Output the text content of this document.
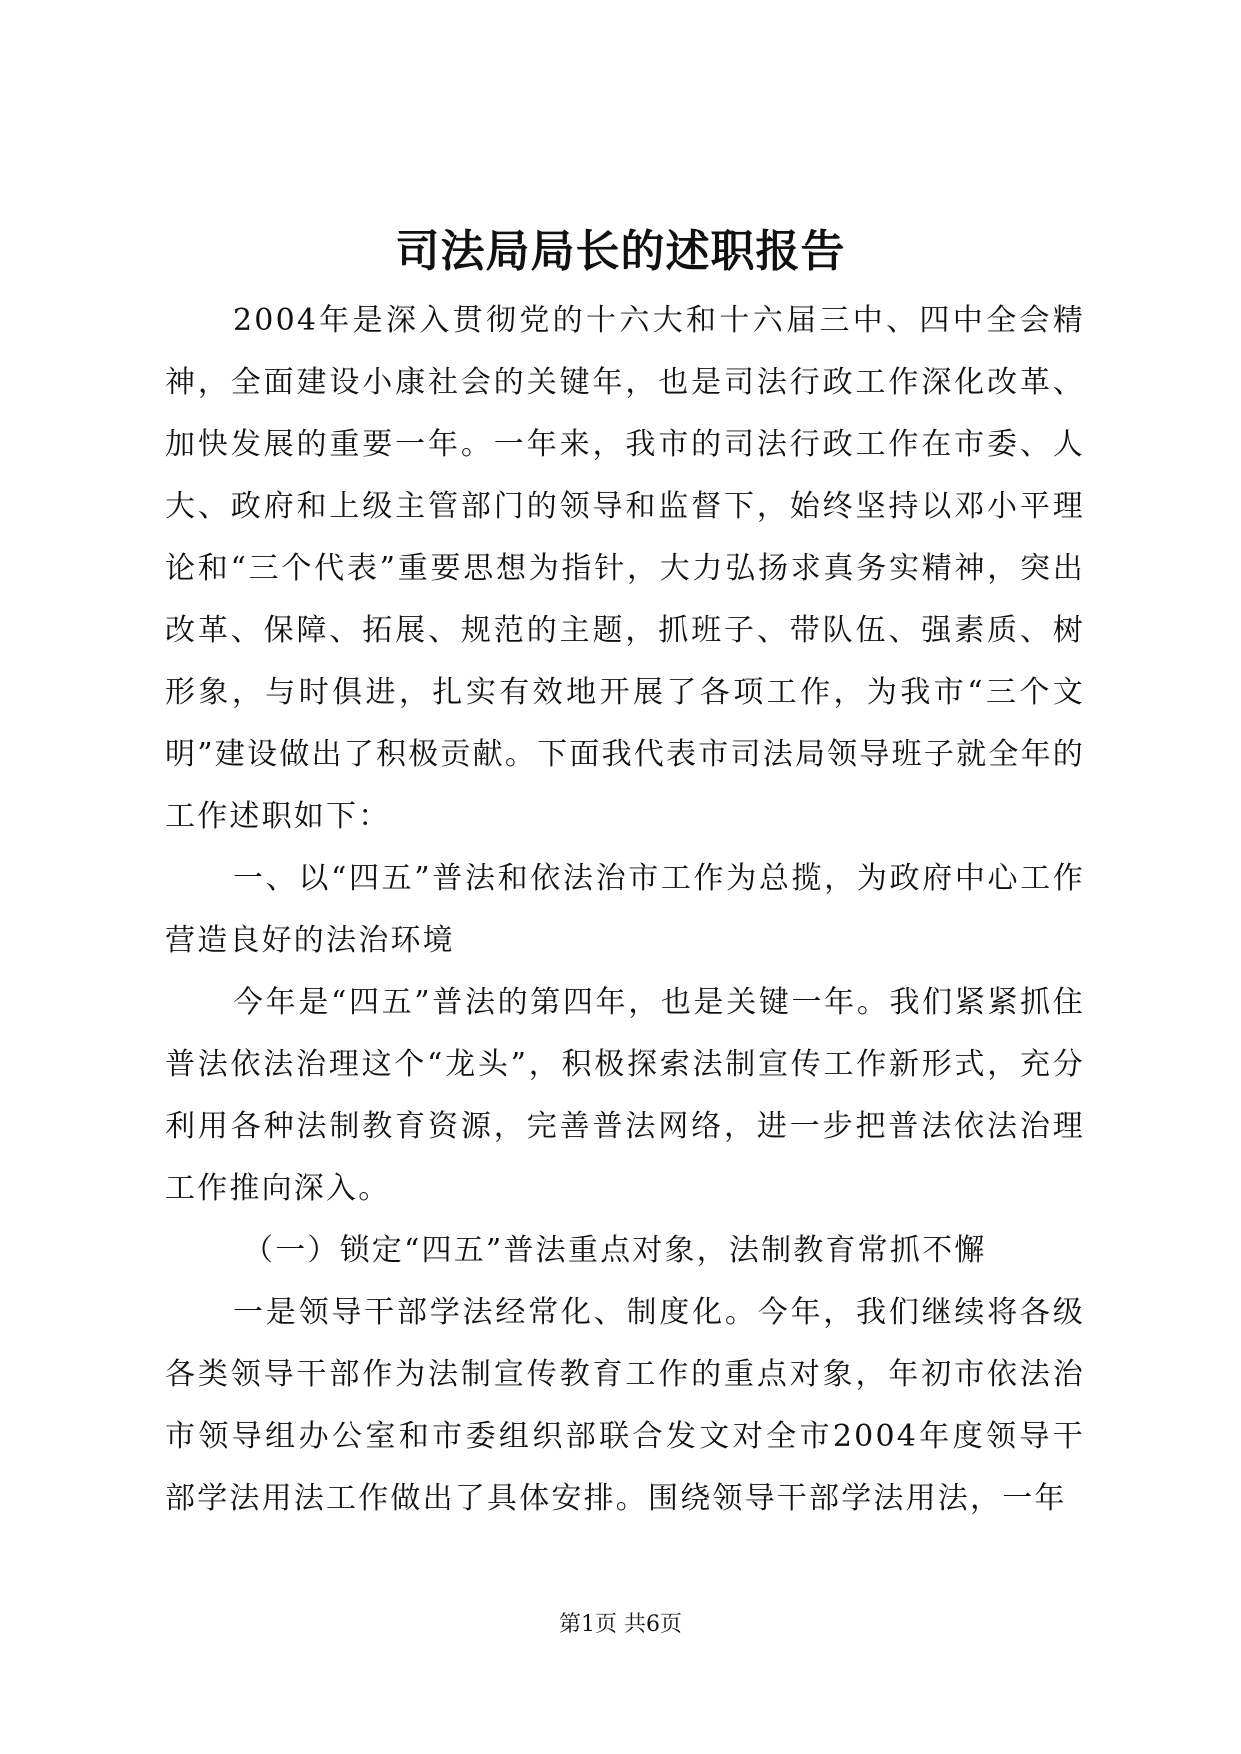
司法局局长的述职报告

2004年是深入贯彻党的十六大和十六届三中、四中全会精神，全面建设小康社会的关键年，也是司法行政工作深化改革、加快发展的重要一年。一年来，我市的司法行政工作在市委、人大、政府和上级主管部门的领导和监督下，始终坚持以邓小平理论和“三个代表”重要思想为指针，大力弘扬求真务实精神，突出改革、保障、拓展、规范的主题，抓班子、带队伍、强素质、树形象，与时俱进，扎实有效地开展了各项工作，为我市“三个文明”建设做出了积极贡献。下面我代表市司法局领导班子就全年的工作述职如下：

一、以“四五”普法和依法治市工作为总揽，为政府中心工作营造良好的法治环境

今年是“四五”普法的第四年，也是关键一年。我们紧紧抓住普法依法治理这个“龙头”，积极探索法制宣传工作新形式，充分利用各种法制教育资源，完善普法网络，进一步把普法依法治理工作推向深入。

（一）锁定“四五”普法重点对象，法制教育常抓不懈

一是领导干部学法经常化、制度化。今年，我们继续将各级各类领导干部作为法制宣传教育工作的重点对象，年初市依法治市领导组办公室和市委组织部联合发文对全市2004年度领导干部学法用法工作做出了具体安排。围绕领导干部学法用法，一年

第1页 共6页
